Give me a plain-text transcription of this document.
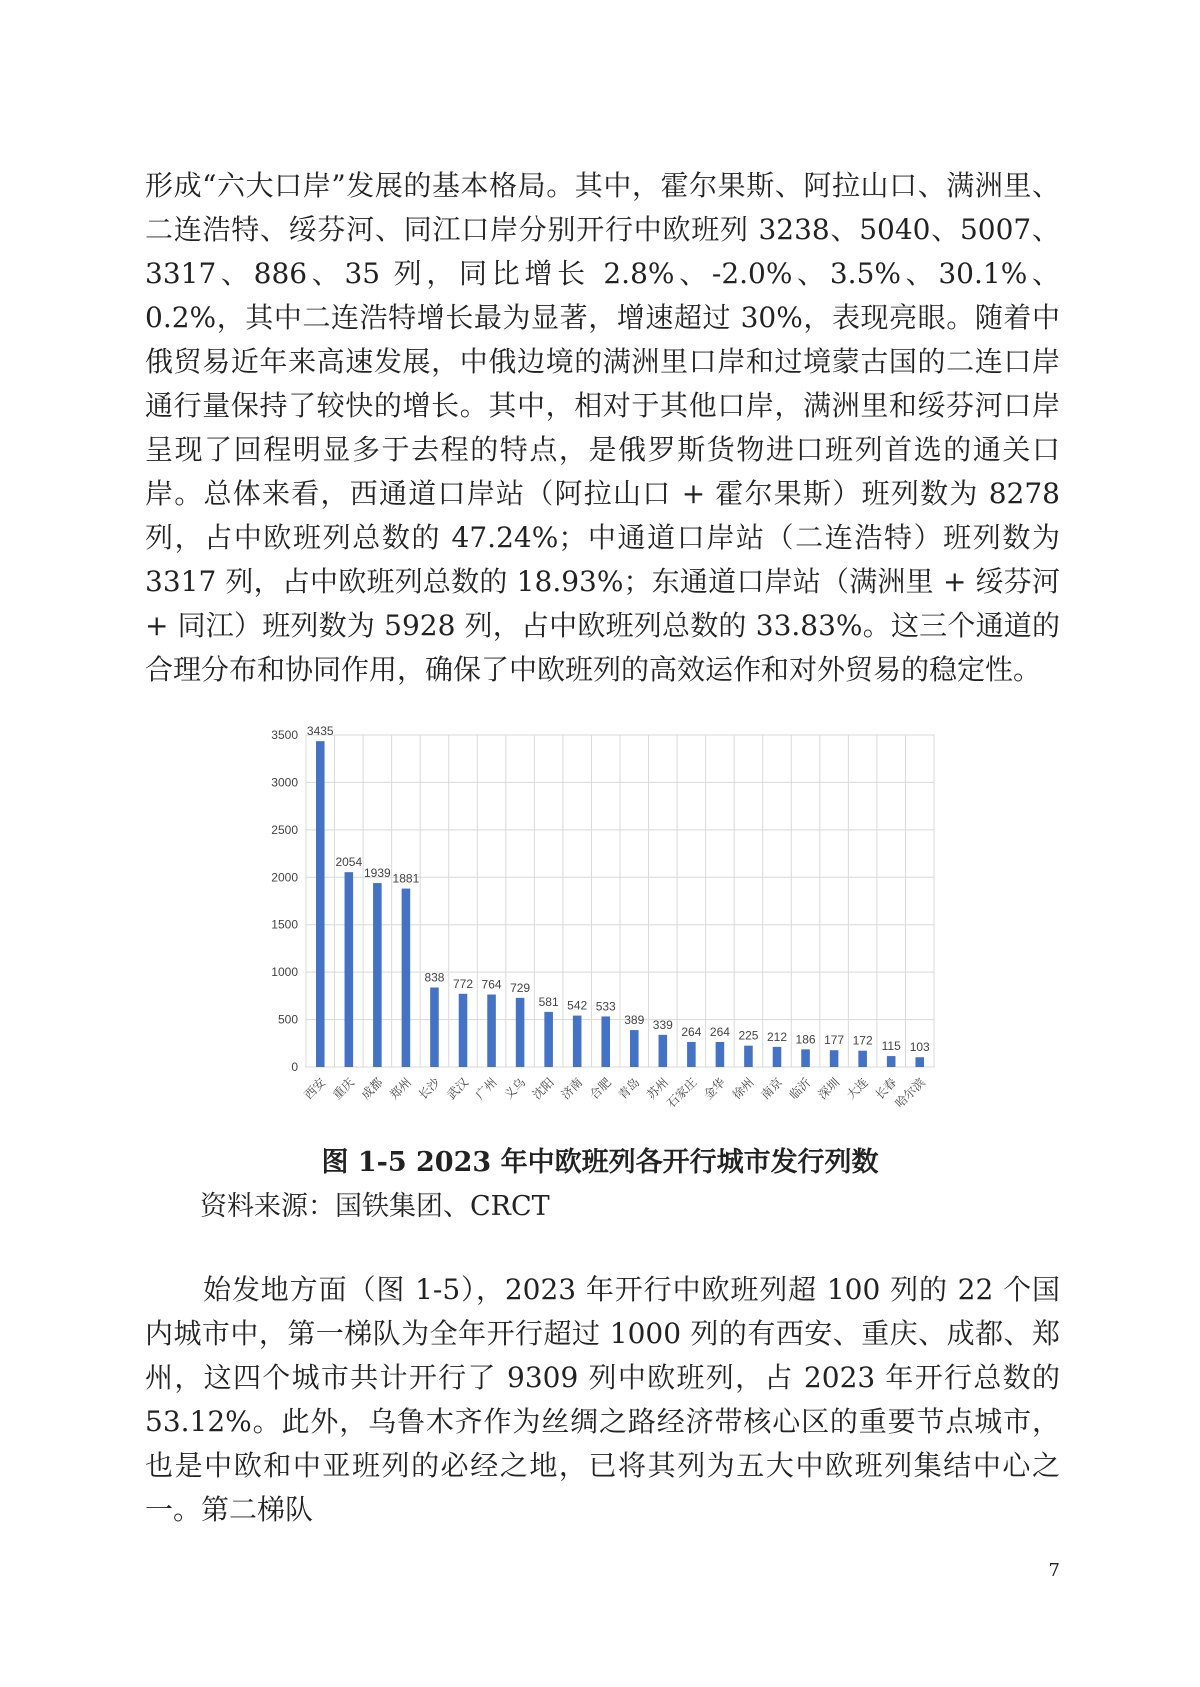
形成“六大口岸”发展的基本格局。其中，霍尔果斯、阿拉山口、满洲里、二连浩特、绥芬河、同江口岸分别开行中欧班列 3238、5040、5007、3317、886、35 列，同比增长 2.8%、-2.0%、3.5%、30.1%、0.2%，其中二连浩特增长最为显著，增速超过 30%，表现亮眼。随着中俄贸易近年来高速发展，中俄边境的满洲里口岸和过境蒙古国的二连口岸通行量保持了较快的增长。其中，相对于其他口岸，满洲里和绥芬河口岸呈现了回程明显多于去程的特点，是俄罗斯货物进口班列首选的通关口岸。总体来看，西通道口岸站（阿拉山口 + 霍尔果斯）班列数为 8278 列，占中欧班列总数的 47.24%；中通道口岸站（二连浩特）班列数为 3317 列，占中欧班列总数的 18.93%；东通道口岸站（满洲里 + 绥芬河 + 同江）班列数为 5928 列，占中欧班列总数的 33.83%。这三个通道的合理分布和协同作用，确保了中欧班列的高效运作和对外贸易的稳定性。

0
500
1000
1500
2000
2500
3000
3500 3435
2054
1939 1881
838 772 764 729
581 542 533
389 339
264 264 225 212 186 177 172 115 103
西安 重庆 成都 郑州 长沙 武汉 广州 义乌 沈阳 济南 合肥 青岛 苏州
石家庄 金华 徐州 南京 临沂 深圳 大连 长春
哈尔滨

图 1-5 2023 年中欧班列各开行城市发行列数

资料来源：国铁集团、CRCT

始发地方面（图 1-5），2023 年开行中欧班列超 100 列的 22 个国内城市中，第一梯队为全年开行超过 1000 列的有西安、重庆、成都、郑州，这四个城市共计开行了 9309 列中欧班列，占 2023 年开行总数的 53.12%。此外，乌鲁木齐作为丝绸之路经济带核心区的重要节点城市，也是中欧和中亚班列的必经之地，已将其列为五大中欧班列集结中心之一。第二梯队

7
